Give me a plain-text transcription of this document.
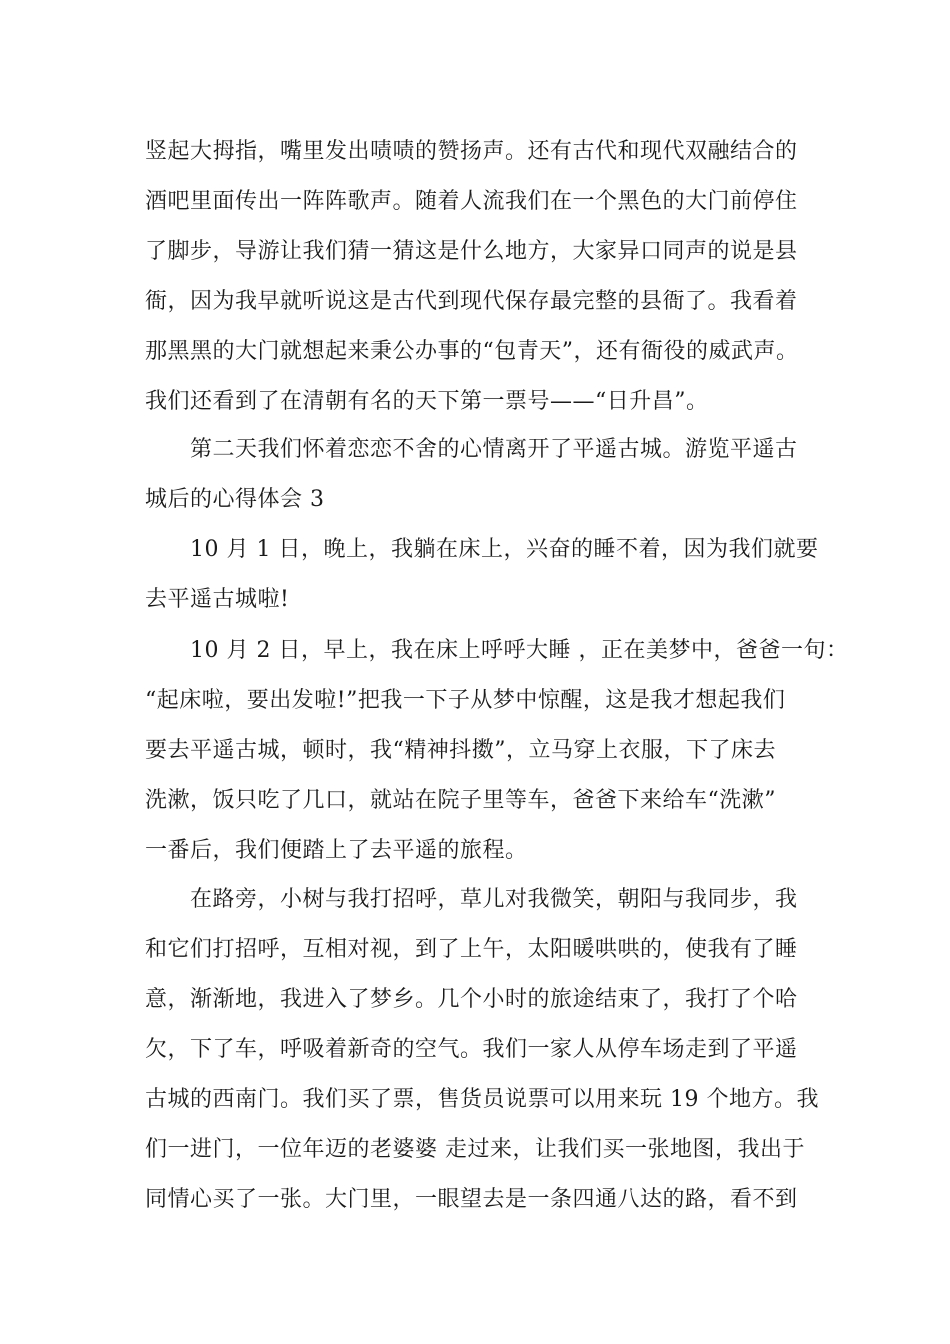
竖起大拇指，嘴里发出啧啧的赞扬声。还有古代和现代双融结合的
酒吧里面传出一阵阵歌声。随着人流我们在一个黑色的大门前停住
了脚步，导游让我们猜一猜这是什么地方，大家异口同声的说是县
衙，因为我早就听说这是古代到现代保存最完整的县衙了。我看着
那黑黑的大门就想起来秉公办事的“包青天”，还有衙役的威武声。
我们还看到了在清朝有名的天下第一票号——“日升昌”。
第二天我们怀着恋恋不舍的心情离开了平遥古城。游览平遥古
城后的心得体会 3
10 月 1 日，晚上，我躺在床上，兴奋的睡不着，因为我们就要
去平遥古城啦!
10 月 2 日，早上，我在床上呼呼大睡 ，正在美梦中，爸爸一句：
“起床啦，要出发啦!”把我一下子从梦中惊醒，这是我才想起我们
要去平遥古城，顿时，我“精神抖擞”，立马穿上衣服，下了床去
洗漱，饭只吃了几口，就站在院子里等车，爸爸下来给车“洗漱”
一番后，我们便踏上了去平遥的旅程。
在路旁，小树与我打招呼，草儿对我微笑，朝阳与我同步，我
和它们打招呼，互相对视，到了上午，太阳暖哄哄的，使我有了睡
意，渐渐地，我进入了梦乡。几个小时的旅途结束了，我打了个哈
欠，下了车，呼吸着新奇的空气。我们一家人从停车场走到了平遥
古城的西南门。我们买了票，售货员说票可以用来玩 19 个地方。我
们一进门，一位年迈的老婆婆 走过来，让我们买一张地图，我出于
同情心买了一张。大门里，一眼望去是一条四通八达的路，看不到
